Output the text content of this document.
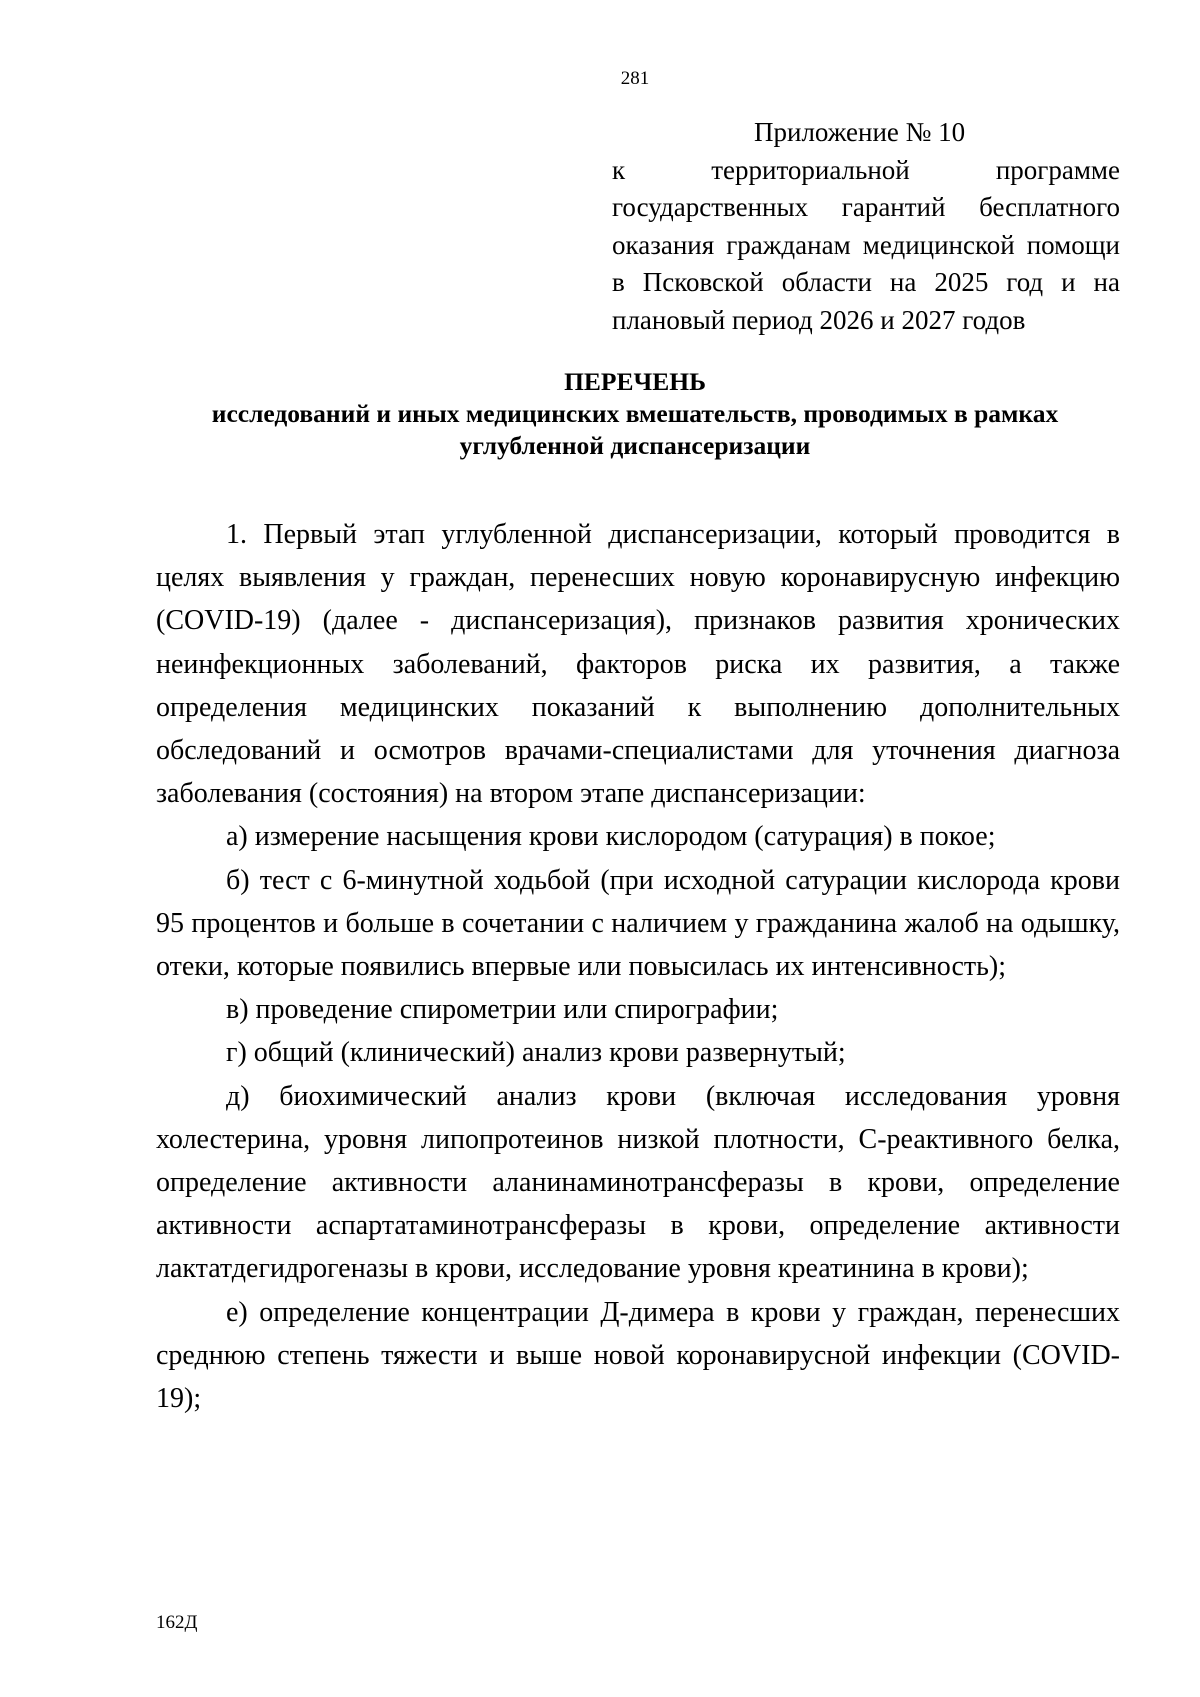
281

Приложение № 10

к территориальной программе государственных гарантий бесплатного оказания гражданам медицинской помощи в Псковской области на 2025 год и на плановый период 2026 и 2027 годов

ПЕРЕЧЕНЬ

исследований и иных медицинских вмешательств, проводимых в рамках

углубленной диспансеризации

1. Первый этап углубленной диспансеризации, который проводится в целях выявления у граждан, перенесших новую коронавирусную инфекцию (COVID-19) (далее - диспансеризация), признаков развития хронических неинфекционных заболеваний, факторов риска их развития, а также определения медицинских показаний к выполнению дополнительных обследований и осмотров врачами-специалистами для уточнения диагноза заболевания (состояния) на втором этапе диспансеризации:

а) измерение насыщения крови кислородом (сатурация) в покое;

б) тест с 6-минутной ходьбой (при исходной сатурации кислорода крови 95 процентов и больше в сочетании с наличием у гражданина жалоб на одышку, отеки, которые появились впервые или повысилась их интенсивность);

в) проведение спирометрии или спирографии;

г) общий (клинический) анализ крови развернутый;

д) биохимический анализ крови (включая исследования уровня холестерина, уровня липопротеинов низкой плотности, С-реактивного белка, определение активности аланинаминотрансферазы в крови, определение активности аспартатаминотрансферазы в крови, определение активности лактатдегидрогеназы в крови, исследование уровня креатинина в крови);

е) определение концентрации Д-димера в крови у граждан, перенесших среднюю степень тяжести и выше новой коронавирусной инфекции (COVID-19);

162Д
